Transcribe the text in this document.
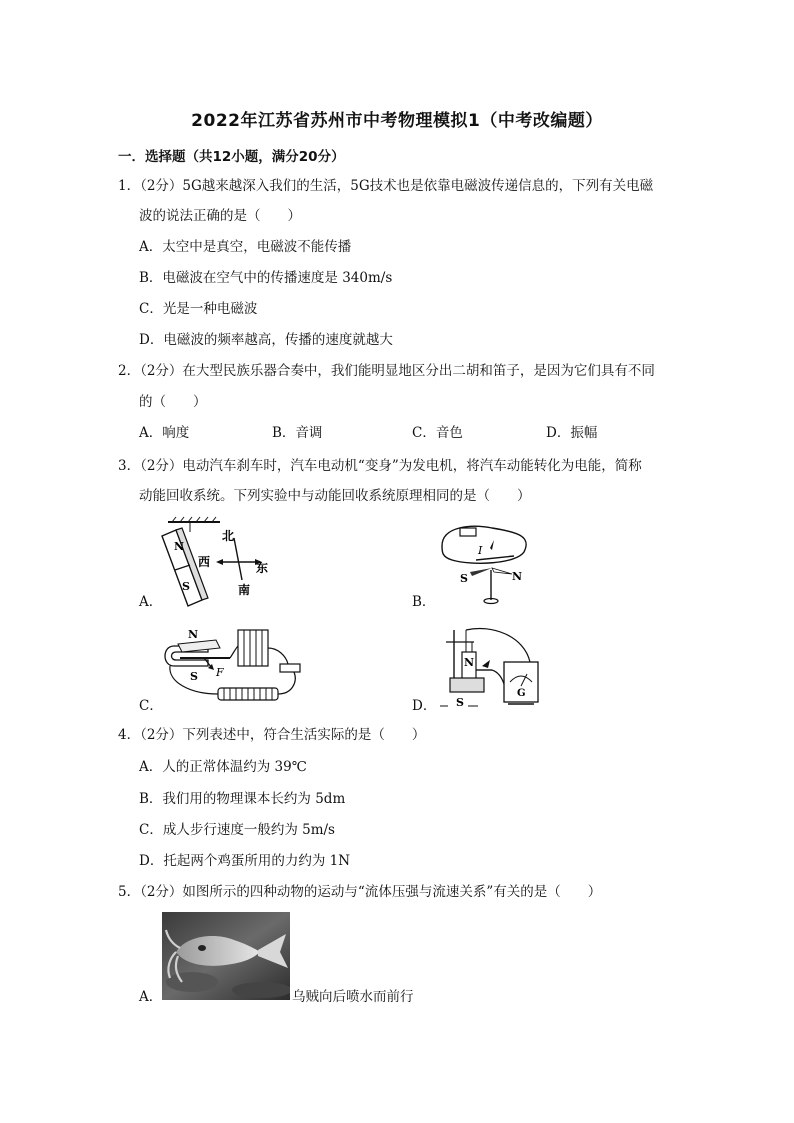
2022年江苏省苏州市中考物理模拟1（中考改编题）
一．选择题（共12小题，满分20分）
1．（2分）5G越来越深入我们的生活，5G技术也是依靠电磁波传递信息的，下列有关电磁
波的说法正确的是（　　）
A．太空中是真空，电磁波不能传播
B．电磁波在空气中的传播速度是 340m/s
C．光是一种电磁波
D．电磁波的频率越高，传播的速度就越大
2．（2分）在大型民族乐器合奏中，我们能明显地区分出二胡和笛子，是因为它们具有不同
的（　　）
A．响度	B．音调	C．音色	D．振幅
3．（2分）电动汽车刹车时，汽车电动机“变身”为发电机，将汽车动能转化为电能，简称
动能回收系统。下列实验中与动能回收系统原理相同的是（　　）
A．
N
S
北
西	东
南
B．
I
S	N
C．
N
F
S
D．
N
S
G
4．（2分）下列表述中，符合生活实际的是（　　）
A．人的正常体温约为 39℃
B．我们用的物理课本长约为 5dm
C．成人步行速度一般约为 5m/s
D．托起两个鸡蛋所用的力约为 1N
5．（2分）如图所示的四种动物的运动与“流体压强与流速关系”有关的是（　　）
A．	乌贼向后喷水而前行
